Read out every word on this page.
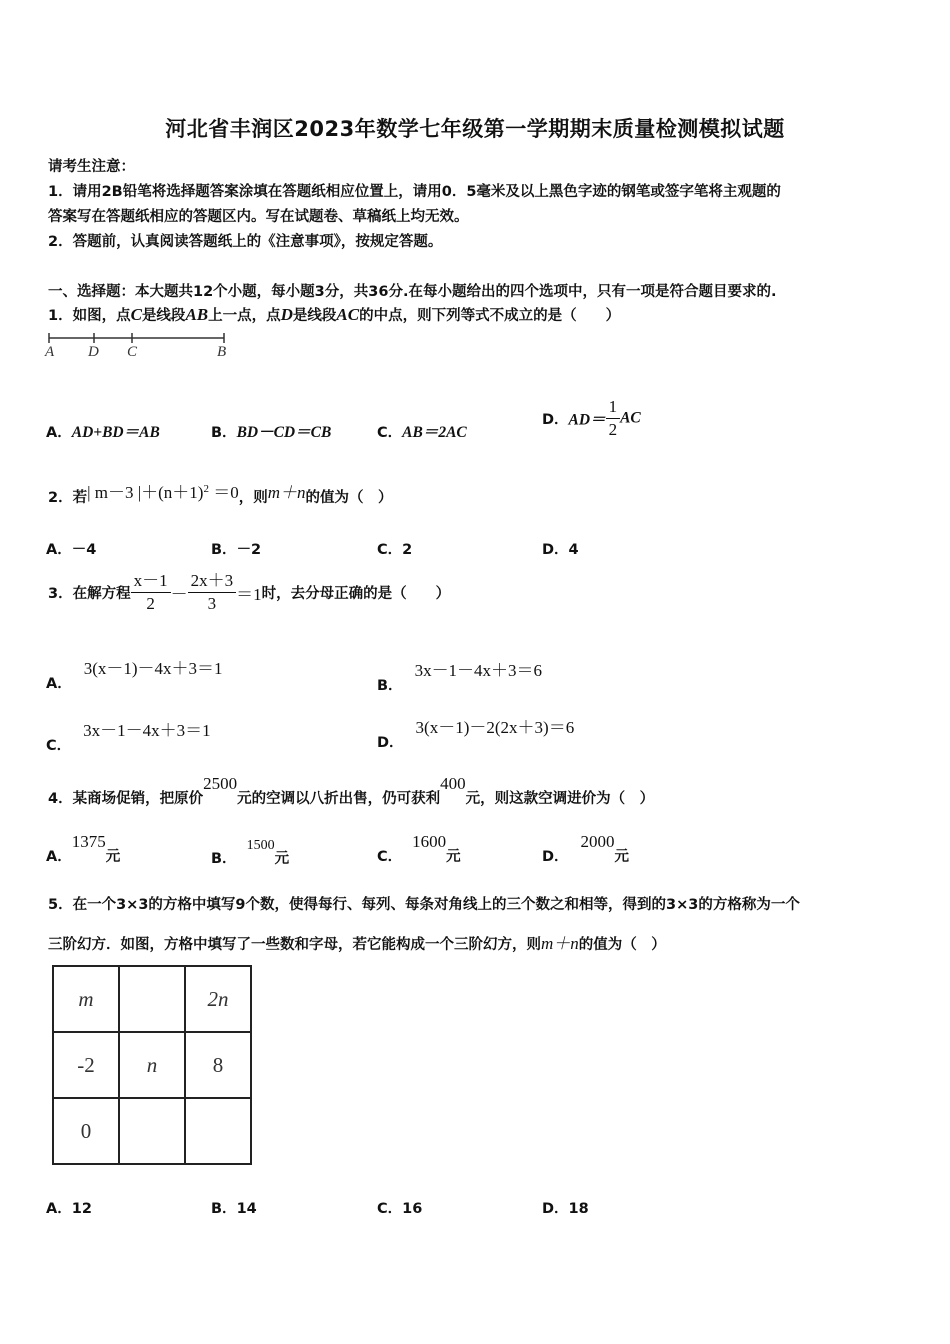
河北省丰润区2023年数学七年级第一学期期末质量检测模拟试题
请考生注意：
1．请用2B铅笔将选择题答案涂填在答题纸相应位置上，请用0．5毫米及以上黑色字迹的钢笔或签字笔将主观题的
答案写在答题纸相应的答题区内。写在试题卷、草稿纸上均无效。
2．答题前，认真阅读答题纸上的《注意事项》，按规定答题。
一、选择题：本大题共12个小题，每小题3分，共36分.在每小题给出的四个选项中，只有一项是符合题目要求的.
1．如图，点C是线段AB上一点，点D是线段AC的中点，则下列等式不成立的是（　　）
A D C	B
A．AD+BD＝AB	B．BD－CD＝CB	C．AB＝2AC
D．$AD= \frac{1}{2}$ AC
2．若| m－3 $|+(n+1)^2 =0$，则m＋n的值为（　）
A．－4	B．－2	C．2	D．4
3．在解方程 $\frac{x-1}{2} - \frac{2x+3}{3} =1$时，去分母正确的是（　　）
A．3(x－1)－4x＋3＝1
B．3x－1－4x＋3＝6
C．3x－1－4x＋3＝1
D．3(x－1)－2(2x＋3)＝6
4．某商场促销，把原价2500元的空调以八折出售，仍可获利400元，则这款空调进价为（　）
A．1375元	B．1500元	C．1600元	D．2000元
5．在一个3×3的方格中填写9个数，使得每行、每列、每条对角线上的三个数之和相等，得到的3×3的方格称为一个
三阶幻方．如图，方格中填写了一些数和字母，若它能构成一个三阶幻方，则m＋n的值为（　）
m		2n
-2	n	8
0		
A．12	B．14	C．16	D．18
